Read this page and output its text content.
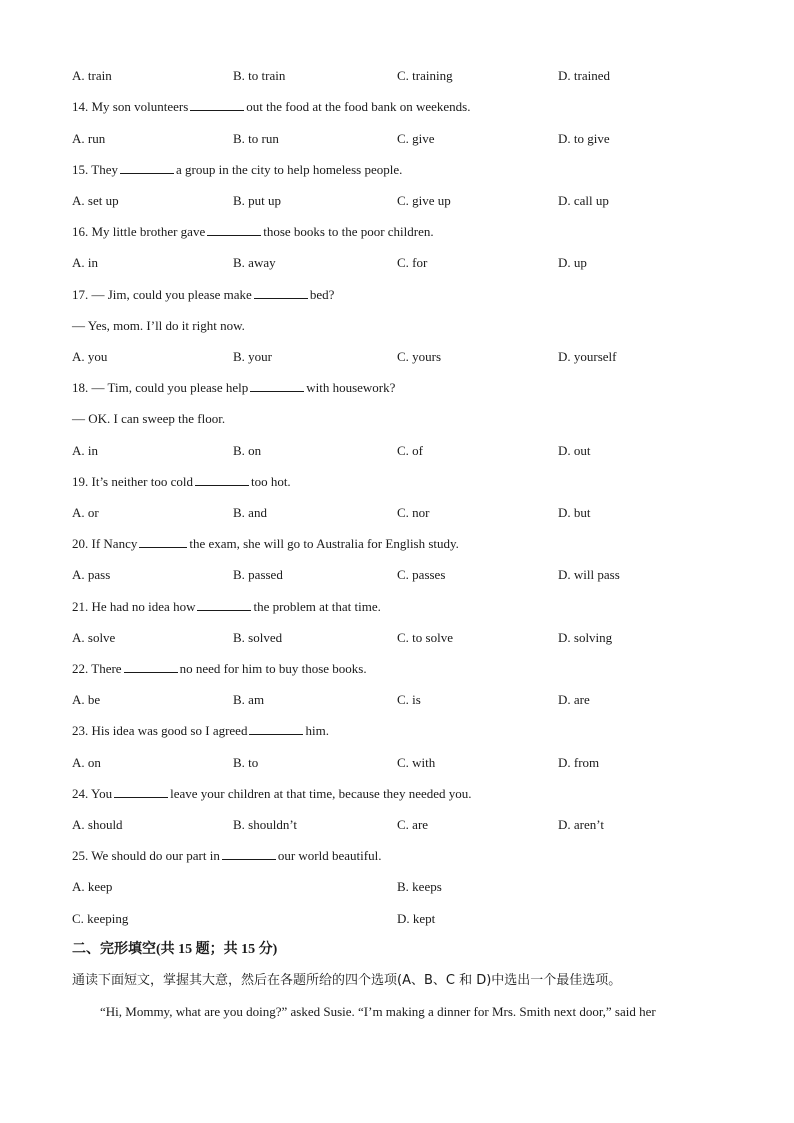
A. train	B. to train	C. training	D. trained
14. My son volunteers	out the food at the food bank on weekends.
A. run	B. to run	C. give	D. to give
15. They	a group in the city to help homeless people.
A. set up	B. put up	C. give up	D. call up
16. My little brother gave	those books to the poor children.
A. in	B. away	C. for	D. up
17. — Jim, could you please make	bed?
— Yes, mom. I’ll do it right now.
A. you	B. your	C. yours	D. yourself
18. — Tim, could you please help	with housework?
— OK. I can sweep the floor.
A. in	B. on	C. of	D. out
19. It’s neither too cold	too hot.
A. or	B. and	C. nor	D. but
20. If Nancy	the exam, she will go to Australia for English study.
A. pass	B. passed	C. passes	D. will pass
21. He had no idea how	the problem at that time.
A. solve	B. solved	C. to solve	D. solving
22. There	no need for him to buy those books.
A. be	B. am	C. is	D. are
23. His idea was good so I agreed	him.
A. on	B. to	C. with	D. from
24. You	leave your children at that time, because they needed you.
A. should	B. shouldn’t	C. are	D. aren’t
25. We should do our part in	our world beautiful.
A. keep	B. keeps
C. keeping	D. kept
二、完形填空(共 15 题；共 15 分)
通读下面短文，掌握其大意，然后在各题所给的四个选项(A、B、C 和 D)中选出一个最佳选项。
“Hi, Mommy, what are you doing?” asked Susie. “I’m making a dinner for Mrs. Smith next door,” said her
